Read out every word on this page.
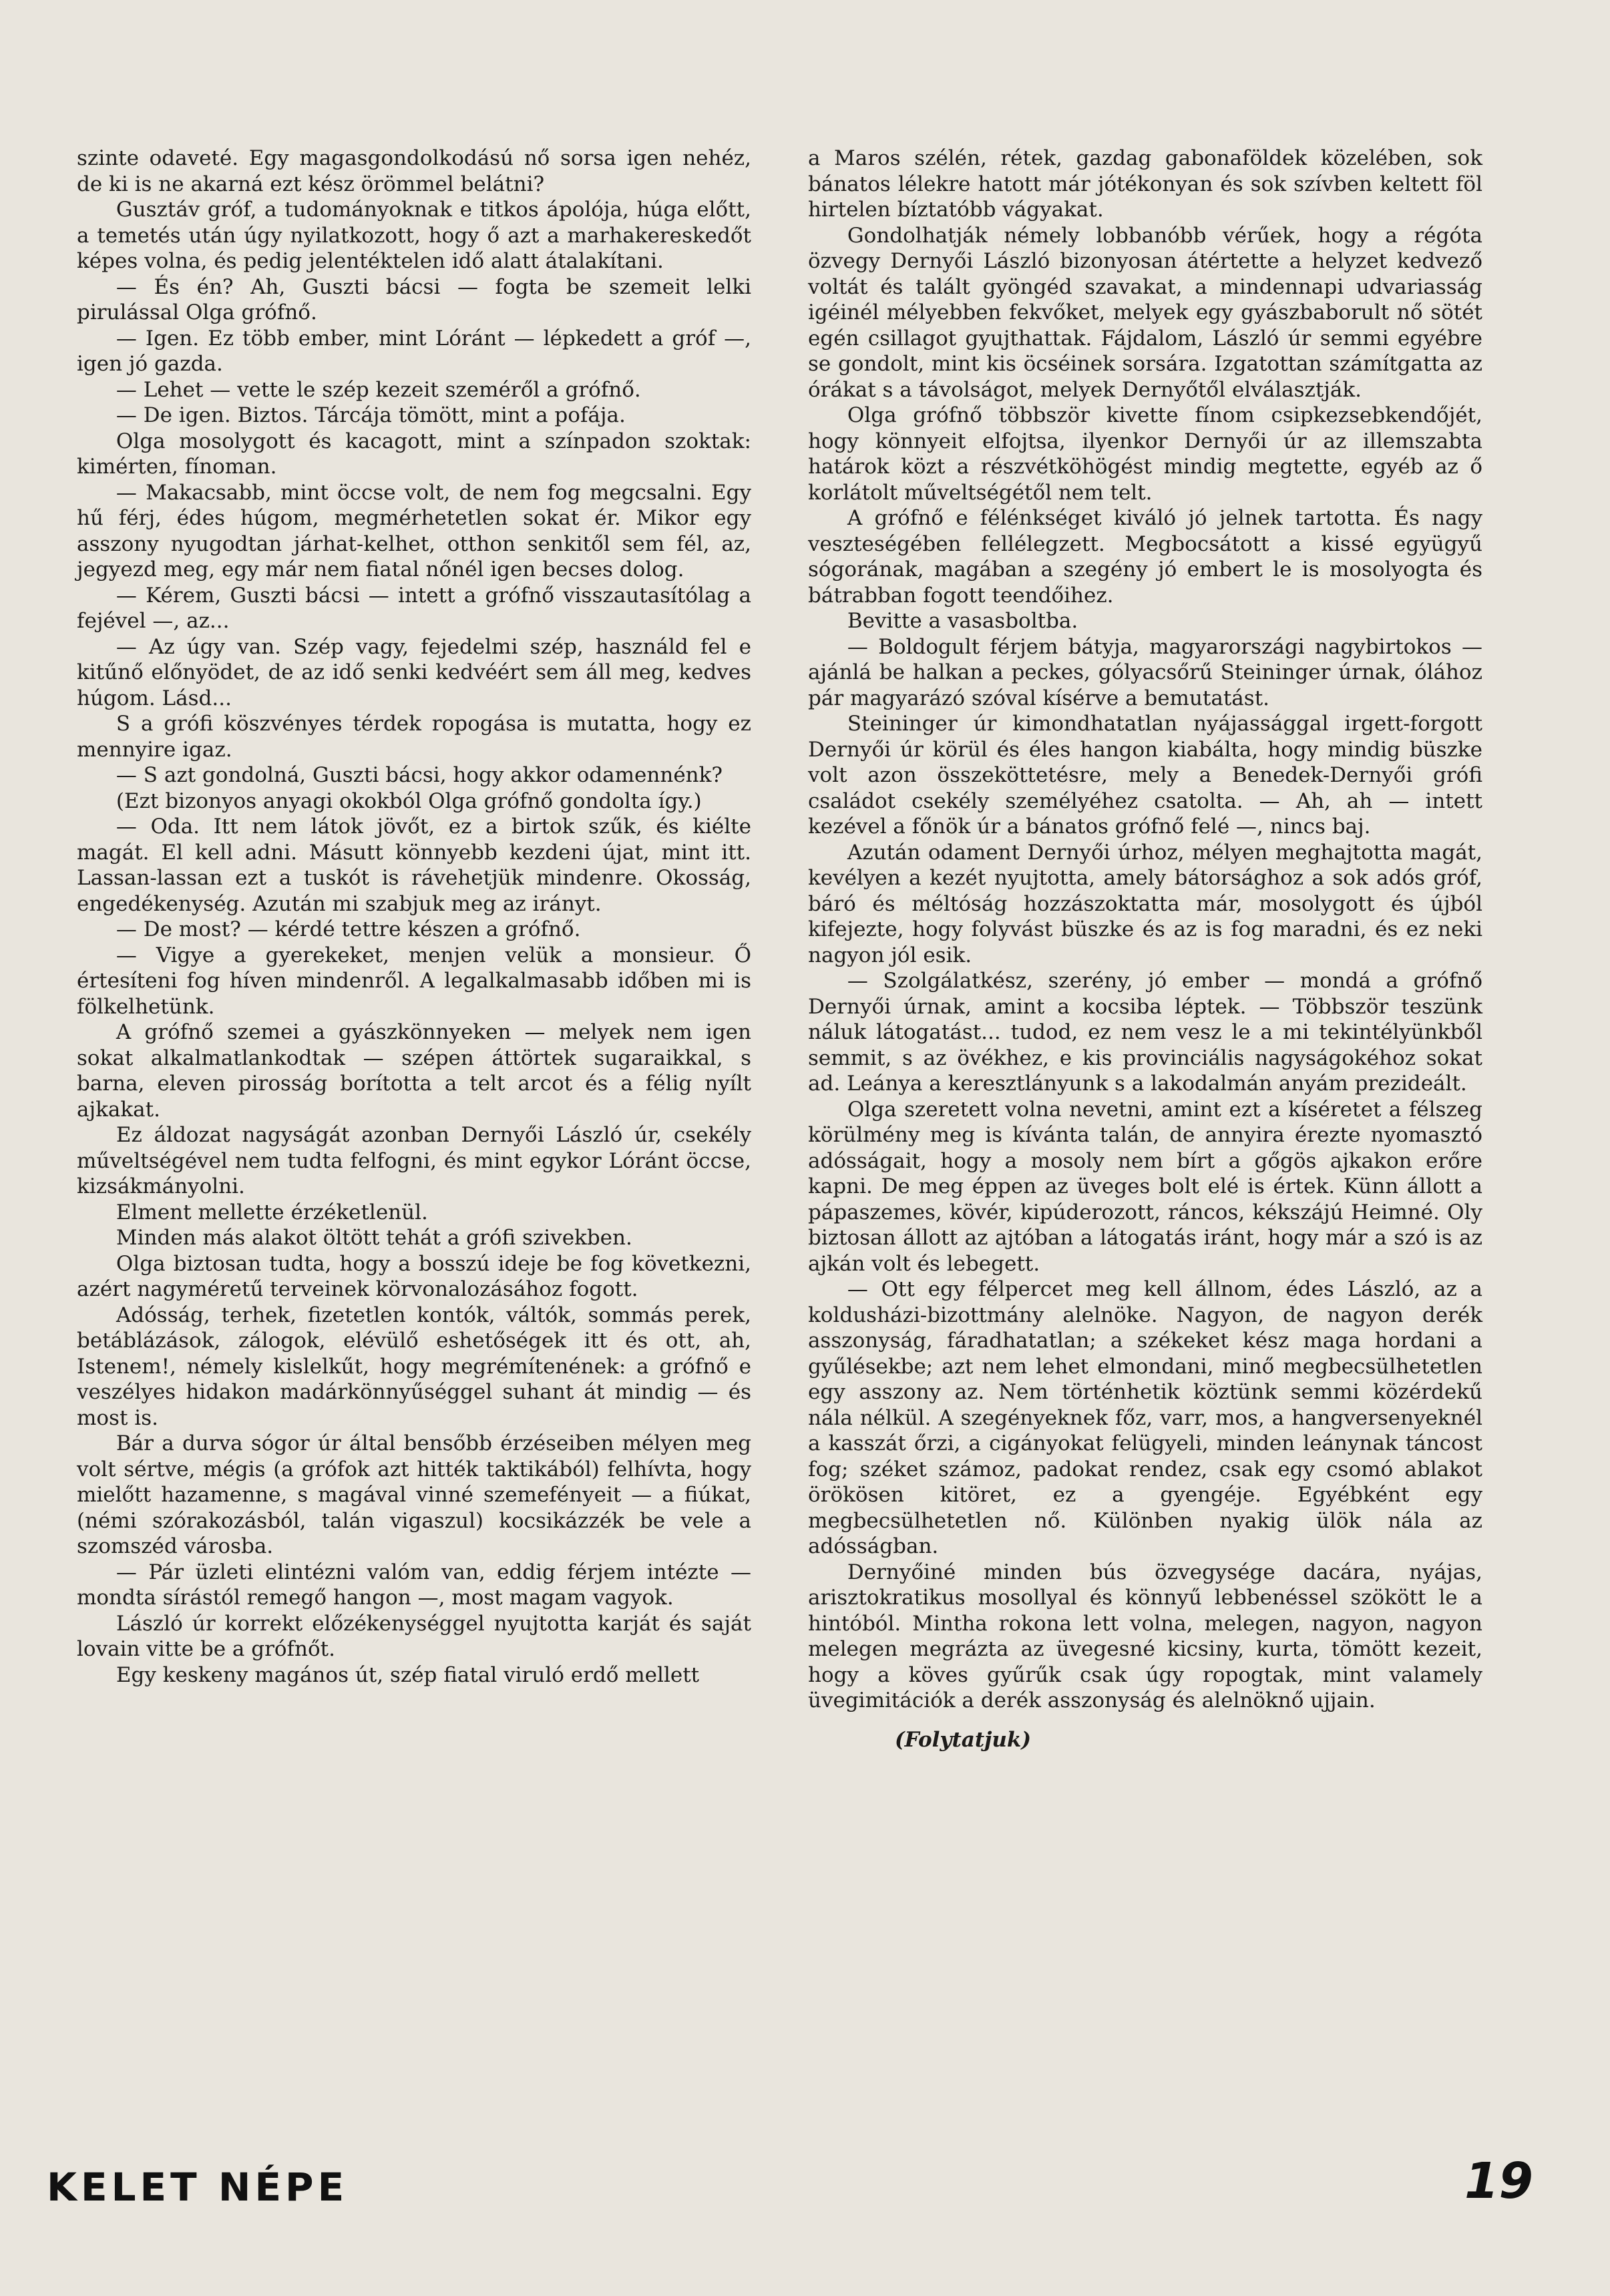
szinte odaveté. Egy magasgondolkodású nő sorsa igen nehéz, de ki is ne akarná ezt kész örömmel belátni?

Gusztáv gróf, a tudományoknak e titkos ápolója, húga előtt, a temetés után úgy nyilatkozott, hogy ő azt a marhakereskedőt képes volna, és pedig jelentéktelen idő alatt átalakítani.

— És én? Ah, Guszti bácsi — fogta be szemeit lelki pirulással Olga grófnő.

— Igen. Ez több ember, mint Lóránt — lépkedett a gróf —, igen jó gazda.

— Lehet — vette le szép kezeit szeméről a grófnő.

— De igen. Biztos. Tárcája tömött, mint a pofája.

Olga mosolygott és kacagott, mint a színpadon szoktak: kimérten, fínoman.

— Makacsabb, mint öccse volt, de nem fog megcsalni. Egy hű férj, édes húgom, megmérhetetlen sokat ér. Mikor egy asszony nyugodtan járhat-kelhet, otthon senkitől sem fél, az, jegyezd meg, egy már nem fiatal nőnél igen becses dolog.

— Kérem, Guszti bácsi — intett a grófnő visszautasítólag a fejével —, az...

— Az úgy van. Szép vagy, fejedelmi szép, használd fel e kitűnő előnyödet, de az idő senki kedvéért sem áll meg, kedves húgom. Lásd...

S a grófi köszvényes térdek ropogása is mutatta, hogy ez mennyire igaz.

— S azt gondolná, Guszti bácsi, hogy akkor odamennénk?

(Ezt bizonyos anyagi okokból Olga grófnő gondolta így.)

— Oda. Itt nem látok jövőt, ez a birtok szűk, és kiélte magát. El kell adni. Másutt könnyebb kezdeni újat, mint itt. Lassan-lassan ezt a tuskót is rávehetjük mindenre. Okosság, engedékenység. Azután mi szabjuk meg az irányt.

— De most? — kérdé tettre készen a grófnő.

— Vigye a gyerekeket, menjen velük a monsieur. Ő értesíteni fog híven mindenről. A legalkalmasabb időben mi is fölkelhetünk.

A grófnő szemei a gyászkönnyeken — melyek nem igen sokat alkalmatlankodtak — szépen áttörtek sugaraikkal, s barna, eleven pirosság borította a telt arcot és a félig nyílt ajkakat.

Ez áldozat nagyságát azonban Dernyői László úr, csekély műveltségével nem tudta felfogni, és mint egykor Lóránt öccse, kizsákmányolni.

Elment mellette érzéketlenül.

Minden más alakot öltött tehát a grófi szivekben.

Olga biztosan tudta, hogy a bosszú ideje be fog következni, azért nagyméretű terveinek körvonalozásához fogott.

Adósság, terhek, fizetetlen kontók, váltók, sommás perek, betáblázások, zálogok, elévülő eshetőségek itt és ott, ah, Istenem!, némely kislelkűt, hogy megrémítenének: a grófnő e veszélyes hidakon madárkönnyűséggel suhant át mindig — és most is.

Bár a durva sógor úr által bensőbb érzéseiben mélyen meg volt sértve, mégis (a grófok azt hitték taktikából) felhívta, hogy mielőtt hazamenne, s magával vinné szemefényeit — a fiúkat, (némi szórakozásból, talán vigaszul) kocsikázzék be vele a szomszéd városba.

— Pár üzleti elintézni valóm van, eddig férjem intézte — mondta sírástól remegő hangon —, most magam vagyok.

László úr korrekt előzékenységgel nyujtotta karját és saját lovain vitte be a grófnőt.

Egy keskeny magános út, szép fiatal viruló erdő mellett

a Maros szélén, rétek, gazdag gabonaföldek közelében, sok bánatos lélekre hatott már jótékonyan és sok szívben keltett föl hirtelen bíztatóbb vágyakat.

Gondolhatják némely lobbanóbb vérűek, hogy a régóta özvegy Dernyői László bizonyosan átértette a helyzet kedvező voltát és talált gyöngéd szavakat, a mindennapi udvariasság igéinél mélyebben fekvőket, melyek egy gyászbaborult nő sötét egén csillagot gyujthattak. Fájdalom, László úr semmi egyébre se gondolt, mint kis öcséinek sorsára. Izgatottan számítgatta az órákat s a távolságot, melyek Dernyőtől elválasztják.

Olga grófnő többször kivette fínom csipkezsebkendőjét, hogy könnyeit elfojtsa, ilyenkor Dernyői úr az illemszabta határok közt a részvétköhögést mindig megtette, egyéb az ő korlátolt műveltségétől nem telt.

A grófnő e félénkséget kiváló jó jelnek tartotta. És nagy veszteségében fellélegzett. Megbocsátott a kissé együgyű sógorának, magában a szegény jó embert le is mosolyogta és bátrabban fogott teendőihez.

Bevitte a vasasboltba.

— Boldogult férjem bátyja, magyarországi nagybirtokos — ajánlá be halkan a peckes, gólyacsőrű Steininger úrnak, ólához pár magyarázó szóval kísérve a bemutatást.

Steininger úr kimondhatatlan nyájassággal irgett-forgott Dernyői úr körül és éles hangon kiabálta, hogy mindig büszke volt azon összeköttetésre, mely a Benedek-Dernyői grófi családot csekély személyéhez csatolta. — Ah, ah — intett kezével a főnök úr a bánatos grófnő felé —, nincs baj.

Azután odament Dernyői úrhoz, mélyen meghajtotta magát, kevélyen a kezét nyujtotta, amely bátorsághoz a sok adós gróf, báró és méltóság hozzászoktatta már, mosolygott és újból kifejezte, hogy folyvást büszke és az is fog maradni, és ez neki nagyon jól esik.

— Szolgálatkész, szerény, jó ember — mondá a grófnő Dernyői úrnak, amint a kocsiba léptek. — Többször teszünk náluk látogatást... tudod, ez nem vesz le a mi tekintélyünkből semmit, s az övékhez, e kis provinciális nagyságokéhoz sokat ad. Leánya a keresztlányunk s a lakodalmán anyám prezideált.

Olga szeretett volna nevetni, amint ezt a kíséretet a félszeg körülmény meg is kívánta talán, de annyira érezte nyomasztó adósságait, hogy a mosoly nem bírt a gőgös ajkakon erőre kapni. De meg éppen az üveges bolt elé is értek. Künn állott a pápaszemes, kövér, kipúderozott, ráncos, kékszájú Heimné. Oly biztosan állott az ajtóban a látogatás iránt, hogy már a szó is az ajkán volt és lebegett.

— Ott egy félpercet meg kell állnom, édes László, az a koldusházi-bizottmány alelnöke. Nagyon, de nagyon derék asszonyság, fáradhatatlan; a székeket kész maga hordani a gyűlésekbe; azt nem lehet elmondani, minő megbecsülhetetlen egy asszony az. Nem történhetik köztünk semmi közérdekű nála nélkül. A szegényeknek főz, varr, mos, a hangversenyeknél a kasszát őrzi, a cigányokat felügyeli, minden leánynak táncost fog; széket számoz, padokat rendez, csak egy csomó ablakot örökösen kitöret, ez a gyengéje. Egyébként egy megbecsülhetetlen nő. Különben nyakig ülök nála az adósságban.

Dernyőiné minden bús özvegysége dacára, nyájas, arisztokratikus mosollyal és könnyű lebbenéssel szökött le a hintóból. Mintha rokona lett volna, melegen, nagyon, nagyon melegen megrázta az üvegesné kicsiny, kurta, tömött kezeit, hogy a köves gyűrűk csak úgy ropogtak, mint valamely üvegimitációk a derék asszonyság és alelnöknő ujjain.

(Folytatjuk)

KELET NÉPE	19
